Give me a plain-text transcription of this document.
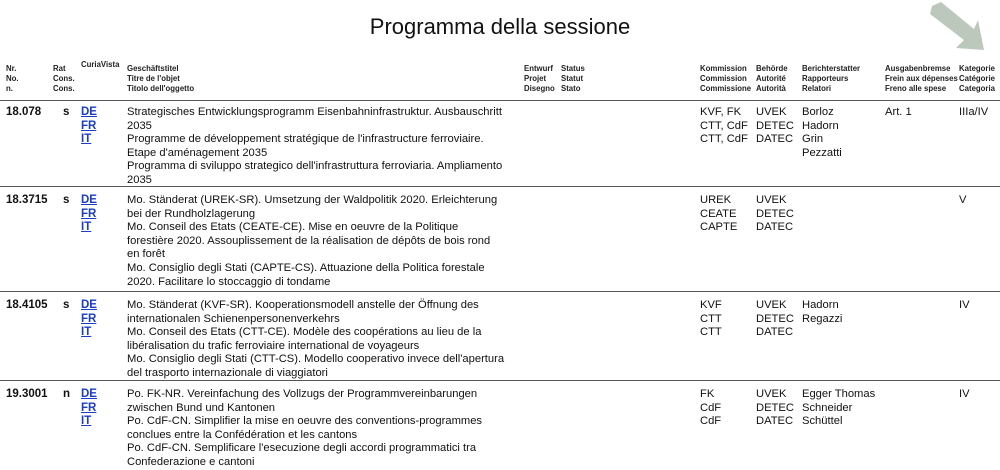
Programma della sessione
Nr.
No.
n.
Rat
Cons.
Cons.
CuriaVista Geschäftstitel
Titre de l'objet
Titolo dell'oggetto
Entwurf
Projet
Disegno
Status
Statut
Stato
Kommission
Commission
Commissione
Behörde
Autorité
Autorità
Berichterstatter
Rapporteurs
Relatori
Ausgabenbremse
Frein aux dépenses
Freno alle spese
Kategorie
Catégorie
Categoria
18.078 s DE
FR
IT
Strategisches Entwicklungsprogramm Eisenbahninfrastruktur. Ausbauschritt
2035
Programme de développement stratégique de l'infrastructure ferroviaire.
Etape d'aménagement 2035
Programma di sviluppo strategico dell'infrastruttura ferroviaria. Ampliamento
2035
KVF, FK
CTT, CdF
CTT, CdF
UVEK
DETEC
DATEC
Borloz
Hadorn
Grin
Pezzatti
Art. 1	IIIa/IV
18.3715 s DE
FR
IT
Mo. Ständerat (UREK-SR). Umsetzung der Waldpolitik 2020. Erleichterung
bei der Rundholzlagerung
Mo. Conseil des Etats (CEATE-CE). Mise en oeuvre de la Politique
forestière 2020. Assouplissement de la réalisation de dépôts de bois rond
en forêt
Mo. Consiglio degli Stati (CAPTE-CS). Attuazione della Politica forestale
2020. Facilitare lo stoccaggio di tondame
UREK
CEATE
CAPTE
UVEK
DETEC
DATEC
V
18.4105 s DE
FR
IT
Mo. Ständerat (KVF-SR). Kooperationsmodell anstelle der Öffnung des
internationalen Schienenpersonenverkehrs
Mo. Conseil des Etats (CTT-CE). Modèle des coopérations au lieu de la
libéralisation du trafic ferroviaire international de voyageurs
Mo. Consiglio degli Stati (CTT-CS). Modello cooperativo invece dell'apertura
del trasporto internazionale di viaggiatori
KVF
CTT
CTT
UVEK
DETEC
DATEC
Hadorn
Regazzi
IV
19.3001 n DE
FR
IT
Po. FK-NR. Vereinfachung des Vollzugs der Programmvereinbarungen
zwischen Bund und Kantonen
Po. CdF-CN. Simplifier la mise en oeuvre des conventions-programmes
conclues entre la Confédération et les cantons
Po. CdF-CN. Semplificare l'esecuzione degli accordi programmatici tra
Confederazione e cantoni
FK
CdF
CdF
UVEK
DETEC
DATEC
Egger Thomas
Schneider
Schüttel
IV
